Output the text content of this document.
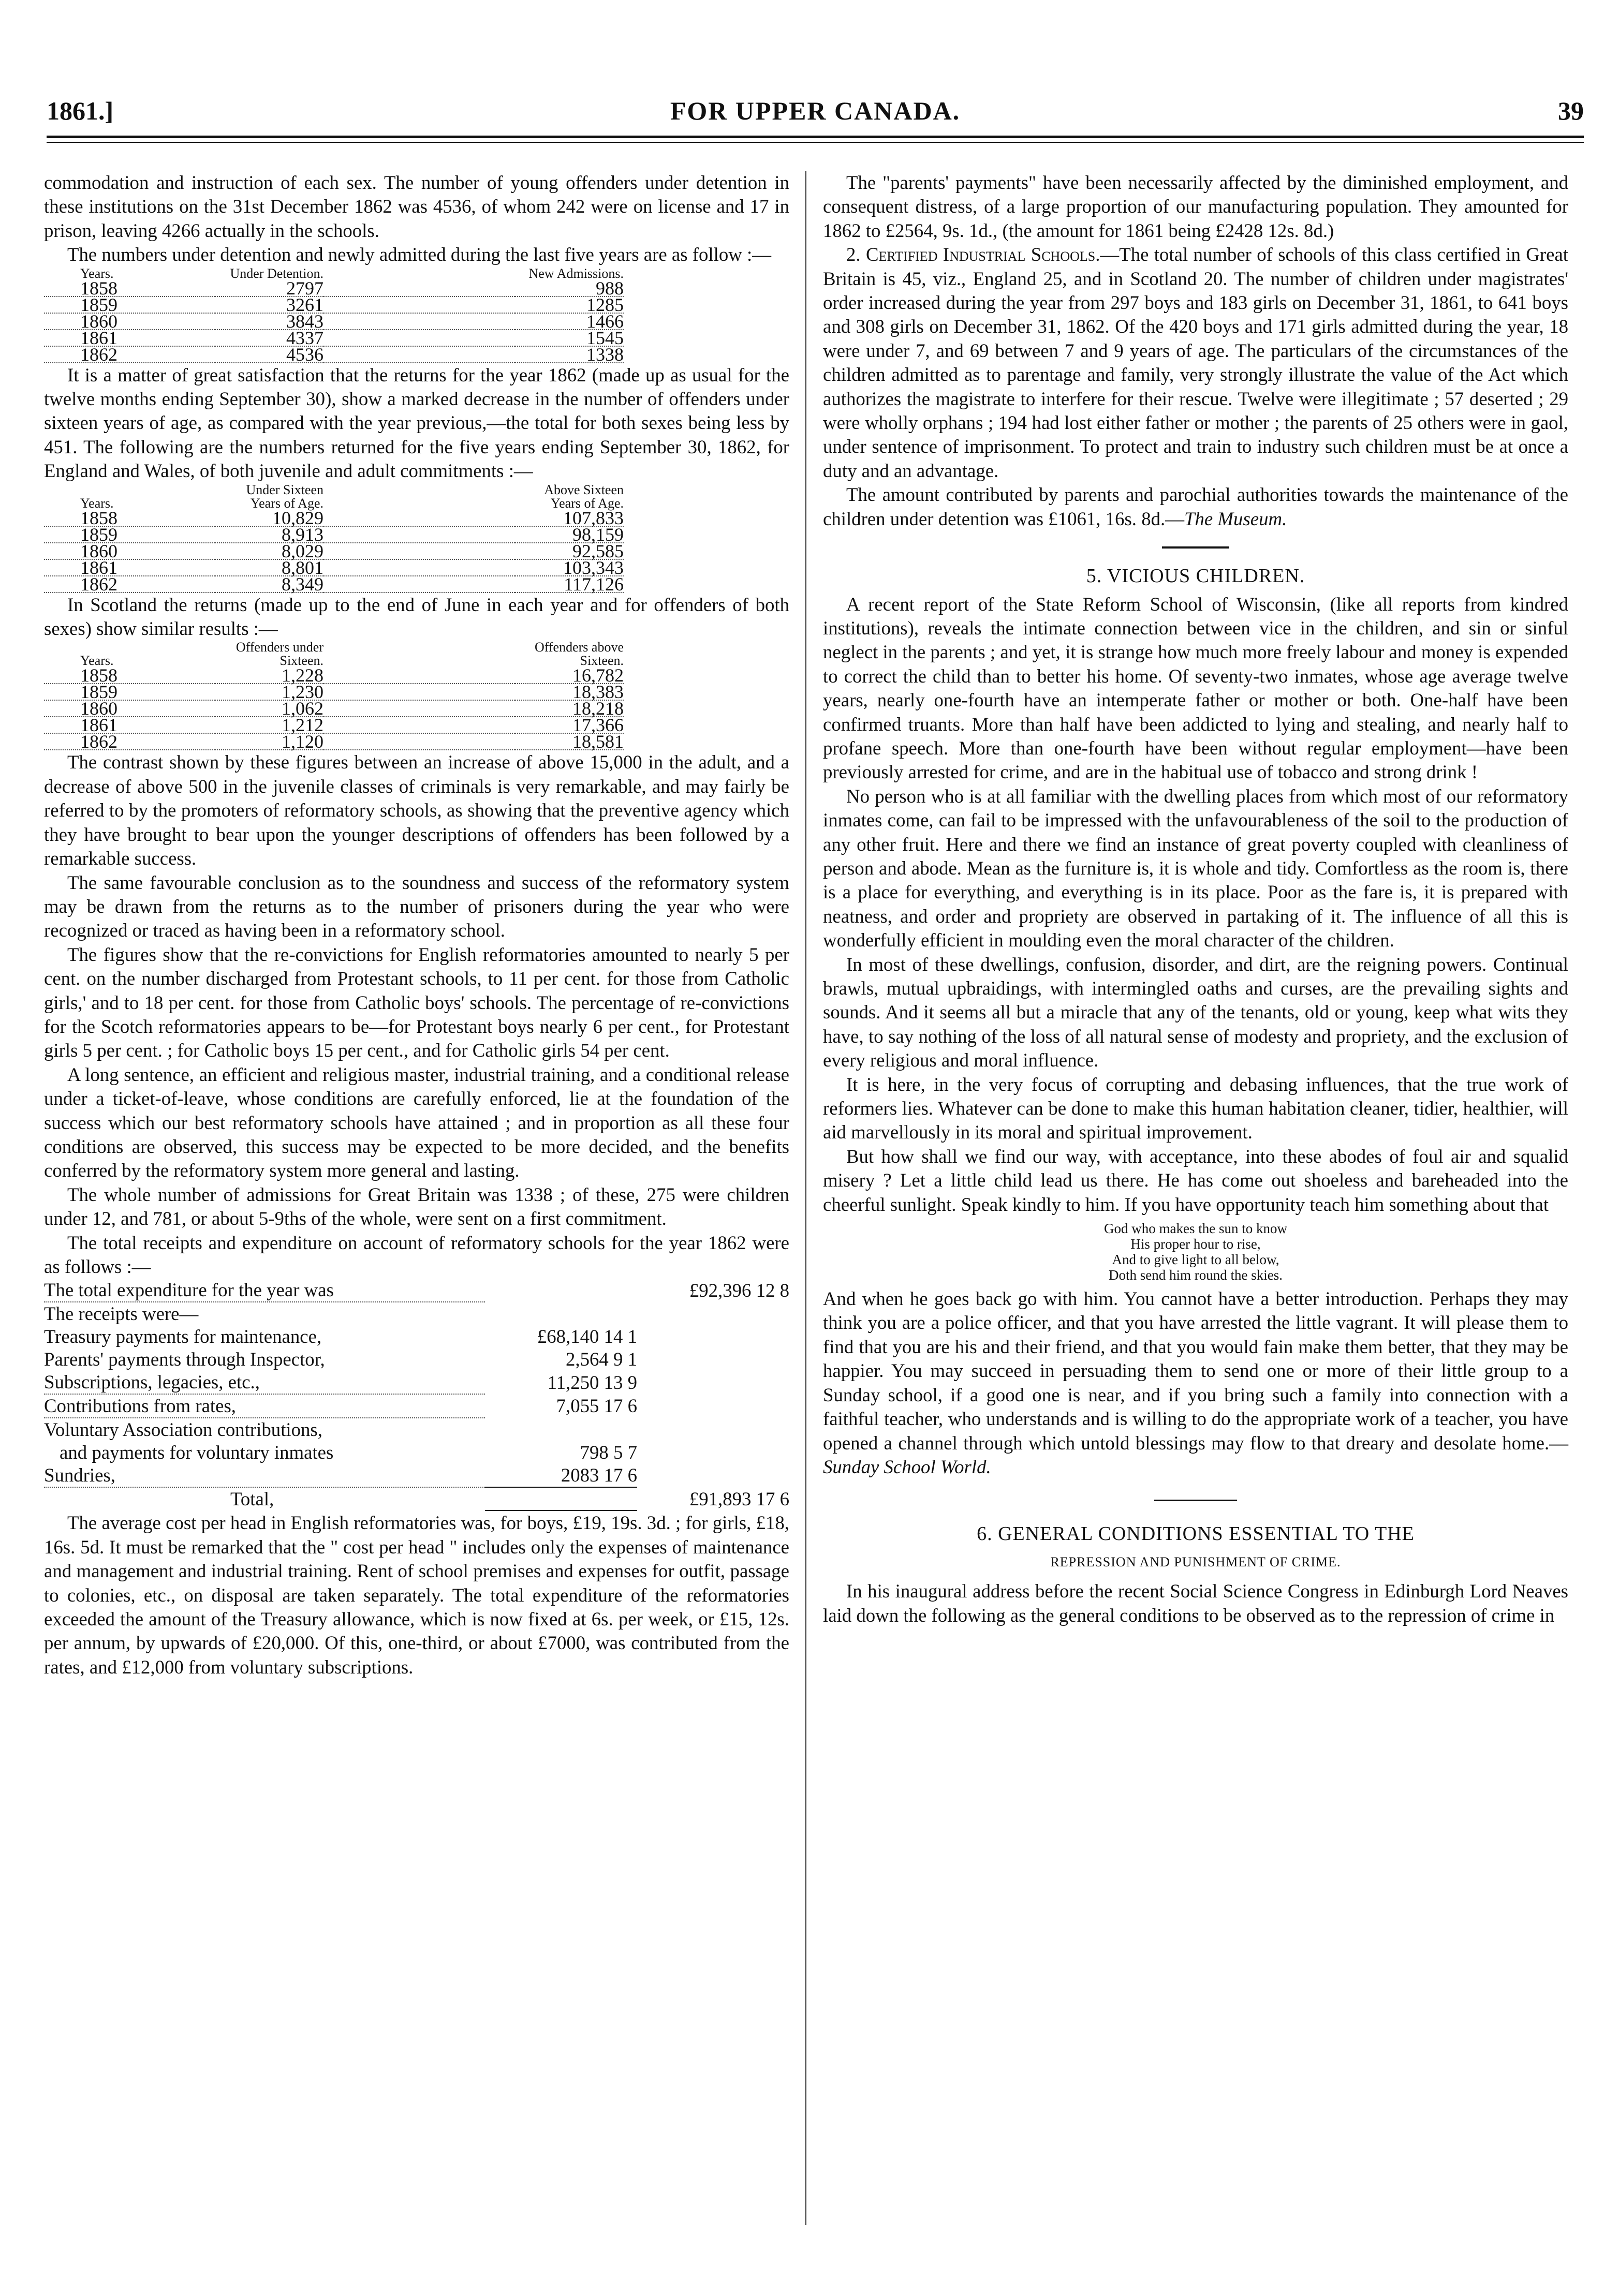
FOR UPPER CANADA.
1861.]	39

commodation and instruction of each sex. The number of young offenders under detention in these institutions on the 31st December 1862 was 4536, of whom 242 were on license and 17 in prison, leaving 4266 actually in the schools.

The numbers under detention and newly admitted during the last five years are as follow :—

Years.	Under Detention.		New Admissions.	
1858	2797		988	
1859	3261		1285	
1860	3843		1466	
1861	4337		1545	
1862	4536		1338	

It is a matter of great satisfaction that the returns for the year 1862 (made up as usual for the twelve months ending September 30), show a marked decrease in the number of offenders under sixteen years of age, as compared with the year previous,—the total for both sexes being less by 451. The following are the numbers returned for the five years ending September 30, 1862, for England and Wales, of both juvenile and adult commitments :—

Years.	Under Sixteen Years of Age.		Above Sixteen Years of Age.	
1858	10,829		107,833	
1859	8,913		98,159	
1860	8,029		92,585	
1861	8,801		103,343	
1862	8,349		117,126	

In Scotland the returns (made up to the end of June in each year and for offenders of both sexes) show similar results :—

Years.	Offenders under Sixteen.		Offenders above Sixteen.	
1858	1,228		16,782	
1859	1,230		18,383	
1860	1,062		18,218	
1861	1,212		17,366	
1862	1,120		18,581	

The contrast shown by these figures between an increase of above 15,000 in the adult, and a decrease of above 500 in the juvenile classes of criminals is very remarkable, and may fairly be referred to by the promoters of reformatory schools, as showing that the preventive agency which they have brought to bear upon the younger descriptions of offenders has been followed by a remarkable success.

The same favourable conclusion as to the soundness and success of the reformatory system may be drawn from the returns as to the number of prisoners during the year who were recognized or traced as having been in a reformatory school.

The figures show that the re-convictions for English reformatories amounted to nearly 5 per cent. on the number discharged from Protestant schools, to 11 per cent. for those from Catholic girls,' and to 18 per cent. for those from Catholic boys' schools. The percentage of re-convictions for the Scotch reformatories appears to be—for Protestant boys nearly 6 per cent., for Protestant girls 5 per cent. ; for Catholic boys 15 per cent., and for Catholic girls 54 per cent.

A long sentence, an efficient and religious master, industrial training, and a conditional release under a ticket-of-leave, whose conditions are carefully enforced, lie at the foundation of the success which our best reformatory schools have attained ; and in proportion as all these four conditions are observed, this success may be expected to be more decided, and the benefits conferred by the reformatory system more general and lasting.

The whole number of admissions for Great Britain was 1338 ; of these, 275 were children under 12, and 781, or about 5-9ths of the whole, were sent on a first commitment.

The total receipts and expenditure on account of reformatory schools for the year 1862 were as follows :—

The total expenditure for the year was		£92,396 12 8
The receipts were—		
Treasury payments for maintenance,	£68,140 14 1	
Parents' payments through Inspector,	2,564 9 1	
Subscriptions, legacies, etc.,	11,250 13 9	
Contributions from rates,	7,055 17 6	
Voluntary Association contributions,		
and payments for voluntary inmates	798 5 7	
Sundries,	2083 17 6	
Total,		£91,893 17 6

The average cost per head in English reformatories was, for boys, £19, 19s. 3d. ; for girls, £18, 16s. 5d. It must be remarked that the " cost per head " includes only the expenses of maintenance and management and industrial training. Rent of school premises and expenses for outfit, passage to colonies, etc., on disposal are taken separately. The total expenditure of the reformatories exceeded the amount of the Treasury allowance, which is now fixed at 6s. per week, or £15, 12s. per annum, by upwards of £20,000. Of this, one-third, or about £7000, was contributed from the rates, and £12,000 from voluntary subscriptions.

The "parents' payments" have been necessarily affected by the diminished employment, and consequent distress, of a large proportion of our manufacturing population. They amounted for 1862 to £2564, 9s. 1d., (the amount for 1861 being £2428 12s. 8d.)

2. Certified Industrial Schools.—The total number of schools of this class certified in Great Britain is 45, viz., England 25, and in Scotland 20. The number of children under magistrates' order increased during the year from 297 boys and 183 girls on December 31, 1861, to 641 boys and 308 girls on December 31, 1862. Of the 420 boys and 171 girls admitted during the year, 18 were under 7, and 69 between 7 and 9 years of age. The particulars of the circumstances of the children admitted as to parentage and family, very strongly illustrate the value of the Act which authorizes the magistrate to interfere for their rescue. Twelve were illegitimate ; 57 deserted ; 29 were wholly orphans ; 194 had lost either father or mother ; the parents of 25 others were in gaol, under sentence of imprisonment. To protect and train to industry such children must be at once a duty and an advantage.

The amount contributed by parents and parochial authorities towards the maintenance of the children under detention was £1061, 16s. 8d.—The Museum.

5. VICIOUS CHILDREN.

A recent report of the State Reform School of Wisconsin, (like all reports from kindred institutions), reveals the intimate connection between vice in the children, and sin or sinful neglect in the parents ; and yet, it is strange how much more freely labour and money is expended to correct the child than to better his home. Of seventy-two inmates, whose age average twelve years, nearly one-fourth have an intemperate father or mother or both. One-half have been confirmed truants. More than half have been addicted to lying and stealing, and nearly half to profane speech. More than one-fourth have been without regular employment—have been previously arrested for crime, and are in the habitual use of tobacco and strong drink !

No person who is at all familiar with the dwelling places from which most of our reformatory inmates come, can fail to be impressed with the unfavourableness of the soil to the production of any other fruit. Here and there we find an instance of great poverty coupled with cleanliness of person and abode. Mean as the furniture is, it is whole and tidy. Comfortless as the room is, there is a place for everything, and everything is in its place. Poor as the fare is, it is prepared with neatness, and order and propriety are observed in partaking of it. The influence of all this is wonderfully efficient in moulding even the moral character of the children.

In most of these dwellings, confusion, disorder, and dirt, are the reigning powers. Continual brawls, mutual upbraidings, with intermingled oaths and curses, are the prevailing sights and sounds. And it seems all but a miracle that any of the tenants, old or young, keep what wits they have, to say nothing of the loss of all natural sense of modesty and propriety, and the exclusion of every religious and moral influence.

It is here, in the very focus of corrupting and debasing influences, that the true work of reformers lies. Whatever can be done to make this human habitation cleaner, tidier, healthier, will aid marvellously in its moral and spiritual improvement.

But how shall we find our way, with acceptance, into these abodes of foul air and squalid misery ? Let a little child lead us there. He has come out shoeless and bareheaded into the cheerful sunlight. Speak kindly to him. If you have opportunity teach him something about that

God who makes the sun to know
His proper hour to rise,
And to give light to all below,
Doth send him round the skies.

And when he goes back go with him. You cannot have a better introduction. Perhaps they may think you are a police officer, and that you have arrested the little vagrant. It will please them to find that you are his and their friend, and that you would fain make them better, that they may be happier. You may succeed in persuading them to send one or more of their little group to a Sunday school, if a good one is near, and if you bring such a family into connection with a faithful teacher, who understands and is willing to do the appropriate work of a teacher, you have opened a channel through which untold blessings may flow to that dreary and desolate home.—Sunday School World.

6. GENERAL CONDITIONS ESSENTIAL TO THE
REPRESSION AND PUNISHMENT OF CRIME.

In his inaugural address before the recent Social Science Congress in Edinburgh Lord Neaves laid down the following as the general conditions to be observed as to the repression of crime in
